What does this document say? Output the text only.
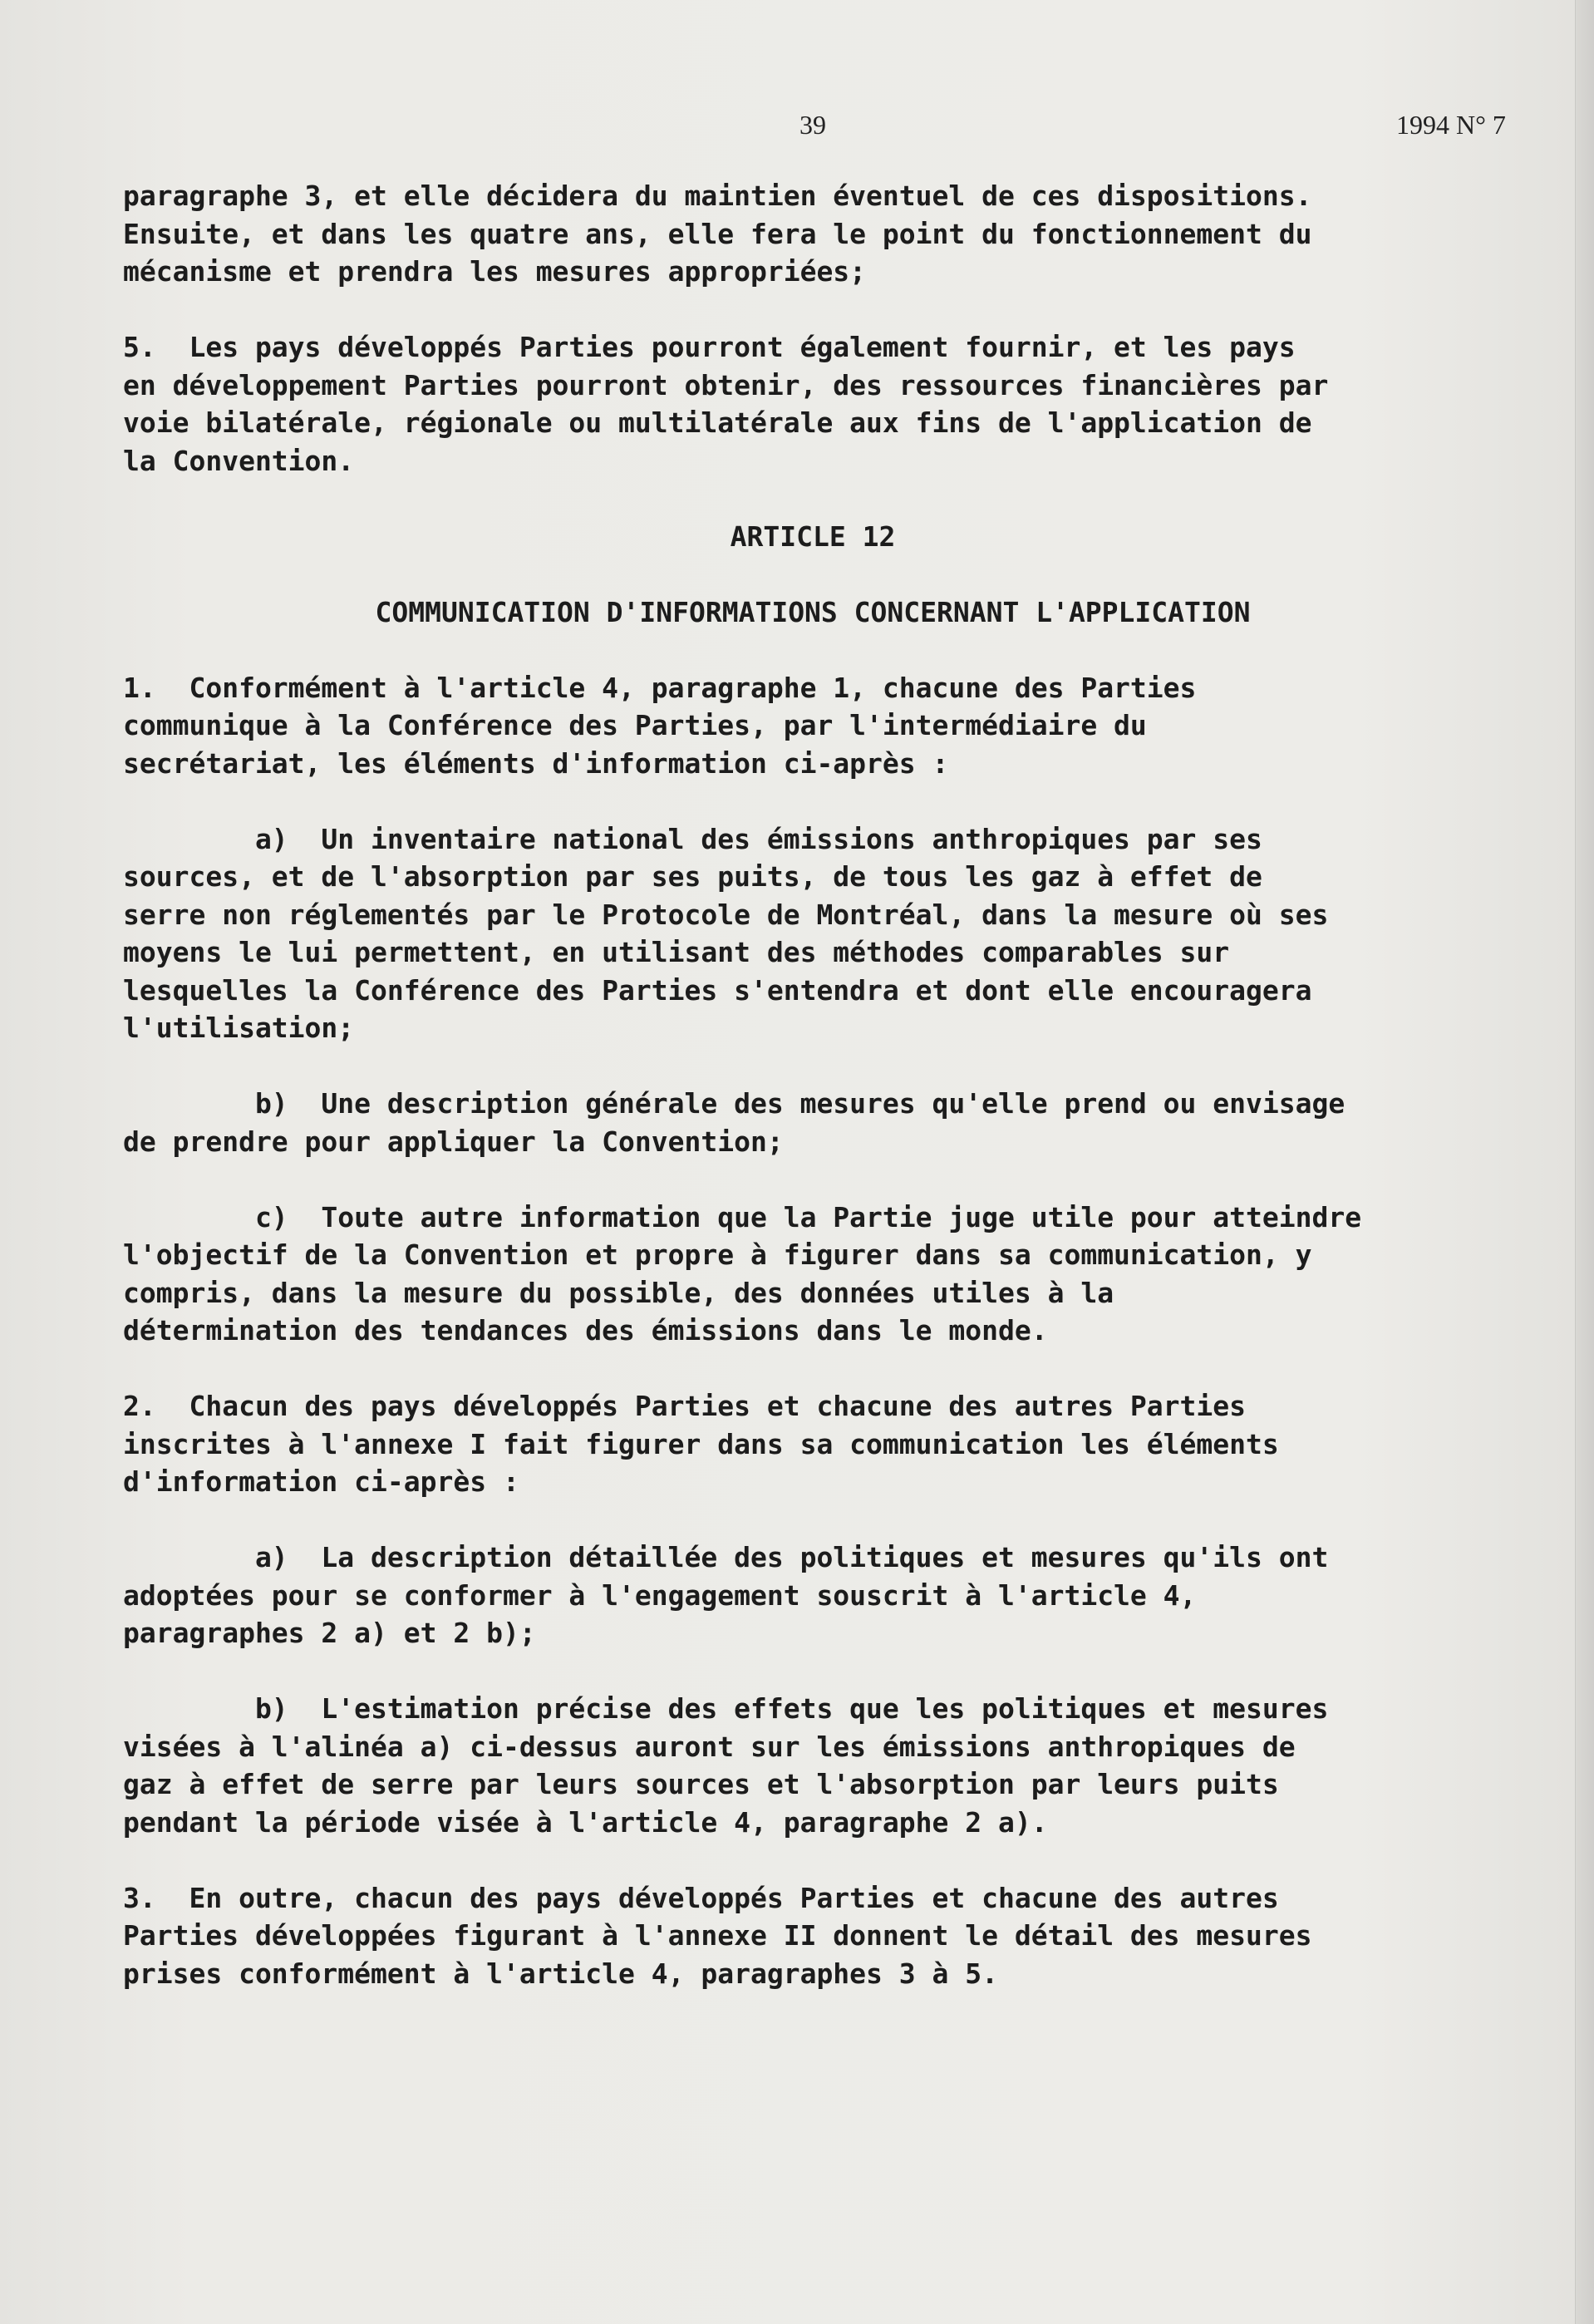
39	1994 N° 7

paragraphe 3, et elle décidera du maintien éventuel de ces dispositions.

Ensuite, et dans les quatre ans, elle fera le point du fonctionnement du

mécanisme et prendra les mesures appropriées;

5.  Les pays développés Parties pourront également fournir, et les pays

en développement Parties pourront obtenir, des ressources financières par

voie bilatérale, régionale ou multilatérale aux fins de l'application de

la Convention.

ARTICLE 12

COMMUNICATION D'INFORMATIONS CONCERNANT L'APPLICATION

1.  Conformément à l'article 4, paragraphe 1, chacune des Parties

communique à la Conférence des Parties, par l'intermédiaire du

secrétariat, les éléments d'information ci-après :

a)  Un inventaire national des émissions anthropiques par ses

sources, et de l'absorption par ses puits, de tous les gaz à effet de

serre non réglementés par le Protocole de Montréal, dans la mesure où ses

moyens le lui permettent, en utilisant des méthodes comparables sur

lesquelles la Conférence des Parties s'entendra et dont elle encouragera

l'utilisation;

b)  Une description générale des mesures qu'elle prend ou envisage

de prendre pour appliquer la Convention;

c)  Toute autre information que la Partie juge utile pour atteindre

l'objectif de la Convention et propre à figurer dans sa communication, y

compris, dans la mesure du possible, des données utiles à la

détermination des tendances des émissions dans le monde.

2.  Chacun des pays développés Parties et chacune des autres Parties

inscrites à l'annexe I fait figurer dans sa communication les éléments

d'information ci-après :

a)  La description détaillée des politiques et mesures qu'ils ont

adoptées pour se conformer à l'engagement souscrit à l'article 4,

paragraphes 2 a) et 2 b);

b)  L'estimation précise des effets que les politiques et mesures

visées à l'alinéa a) ci-dessus auront sur les émissions anthropiques de

gaz à effet de serre par leurs sources et l'absorption par leurs puits

pendant la période visée à l'article 4, paragraphe 2 a).

3.  En outre, chacun des pays développés Parties et chacune des autres

Parties développées figurant à l'annexe II donnent le détail des mesures

prises conformément à l'article 4, paragraphes 3 à 5.
